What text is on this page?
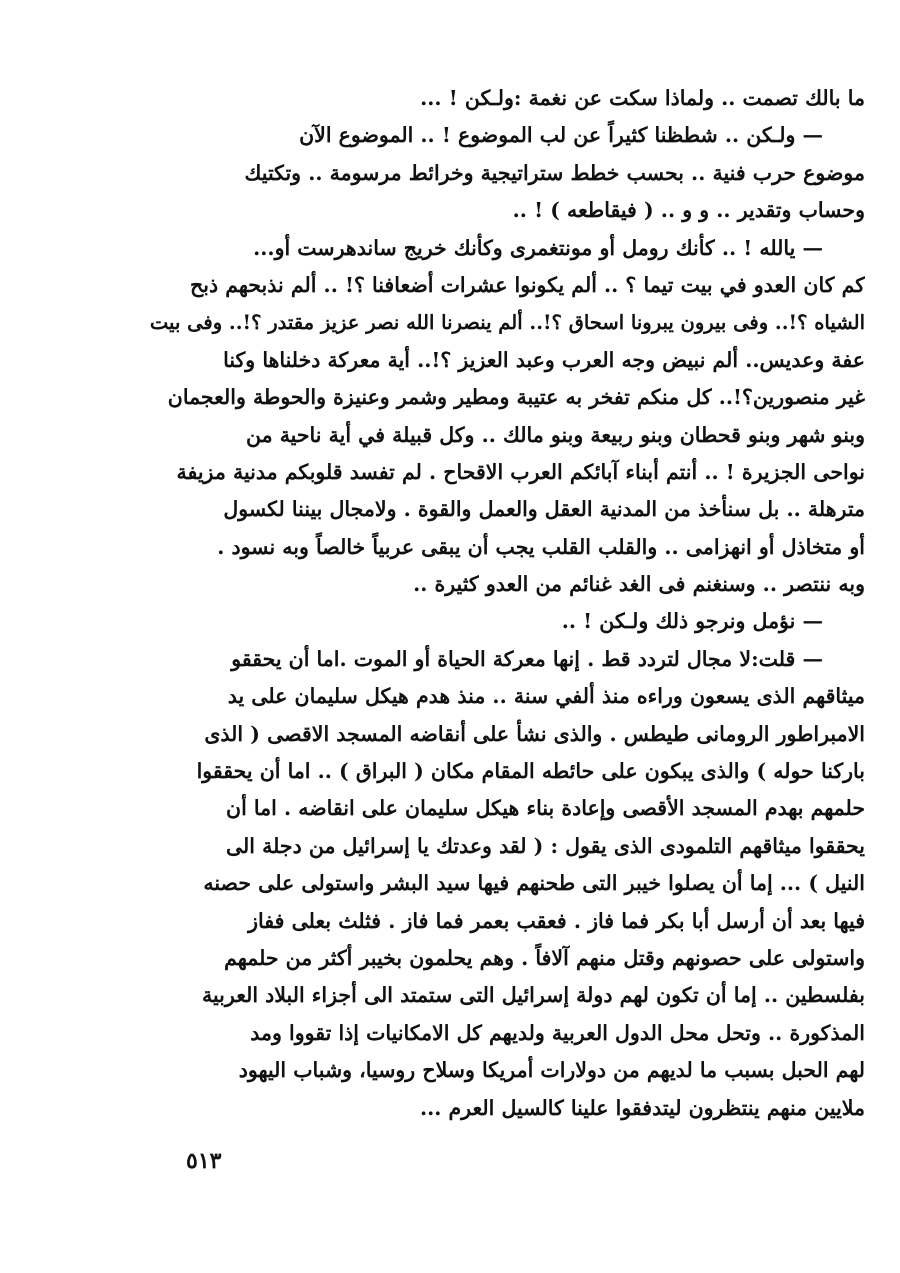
ما بالك تصمت .. ولماذا سكت عن نغمة :ولـكن ! ...
— ولـكن .. شطظنا كثيراً عن لب الموضوع ! .. الموضوع الآن
موضوع حرب فنية .. بحسب خطط ستراتيجية وخرائط مرسومة .. وتكتيك
وحساب وتقدير .. و و .. ( فيقاطعه ) ! ..
— يالله ! .. كأنك رومل أو مونتغمرى وكأنك خريج ساندهرست أو...
كم كان العدو في بيت تيما ؟ .. ألم يكونوا عشرات أضعافنا ؟! .. ألم نذبحهم ذبح
الشياه ؟!.. وفى بيرون يبرونا اسحاق ؟!.. ألم ينصرنا الله نصر عزيز مقتدر ؟!.. وفى بيت
عفة وعديس.. ألم نبيض وجه العرب وعبد العزيز ؟!.. أية معركة دخلناها وكنا
غير منصورين؟!.. كل منكم تفخر به عتيبة ومطير وشمر وعنيزة والحوطة والعجمان
وبنو شهر وبنو قحطان وبنو ربيعة وبنو مالك .. وكل قبيلة في أية ناحية من
نواحى الجزيرة ! .. أنتم أبناء آبائكم العرب الاقحاح . لم تفسد قلوبكم مدنية مزيفة
مترهلة .. بل سنأخذ من المدنية العقل والعمل والقوة . ولامجال بيننا لكسول
أو متخاذل أو انهزامى .. والقلب القلب يجب أن يبقى عربياً خالصاً وبه نسود .
وبه ننتصر .. وسنغنم فى الغد غنائم من العدو كثيرة ..
— نؤمل ونرجو ذلك ولـكن ! ..
— قلت:لا مجال لتردد قط . إنها معركة الحياة أو الموت .اما أن يحققو
ميثاقهم الذى يسعون وراءه منذ ألفي سنة .. منذ هدم هيكل سليمان على يد
الامبراطور الرومانى طيطس . والذى نشأ على أنقاضه المسجد الاقصى ( الذى
باركنا حوله ) والذى يبكون على حائطه المقام مكان ( البراق ) .. اما أن يحققوا
حلمهم بهدم المسجد الأقصى وإعادة بناء هيكل سليمان على انقاضه . اما أن
يحققوا ميثاقهم التلمودى الذى يقول : ( لقد وعدتك يا إسرائيل من دجلة الى
النيل ) ... إما أن يصلوا خيبر التى طحنهم فيها سيد البشر واستولى على حصنه
فيها بعد أن أرسل أبا بكر فما فاز . فعقب بعمر فما فاز . فثلث بعلى ففاز
واستولى على حصونهم وقتل منهم آلافاً . وهم يحلمون بخيبر أكثر من حلمهم
بفلسطين .. إما أن تكون لهم دولة إسرائيل التى ستمتد الى أجزاء البلاد العربية
المذكورة .. وتحل محل الدول العربية ولديهم كل الامكانيات إذا تقووا ومد
لهم الحبل بسبب ما لديهم من دولارات أمريكا وسلاح روسيا، وشباب اليهود
ملايين منهم ينتظرون ليتدفقوا علينا كالسيل العرم ...
٥١٣
